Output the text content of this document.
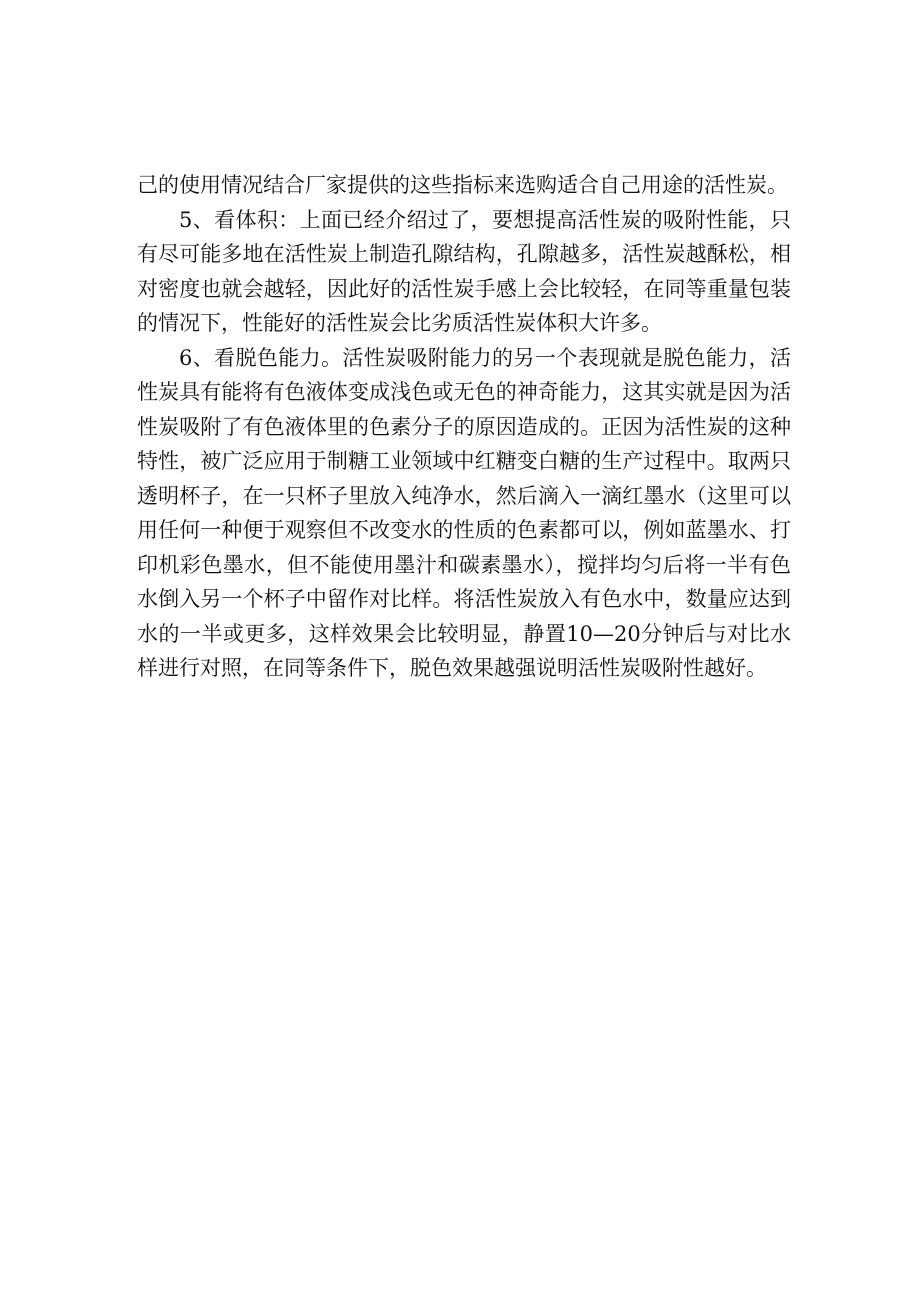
己的使用情况结合厂家提供的这些指标来选购适合自己用途的活性炭。

5、看体积：上面已经介绍过了，要想提高活性炭的吸附性能，只有尽可能多地在活性炭上制造孔隙结构，孔隙越多，活性炭越酥松，相对密度也就会越轻，因此好的活性炭手感上会比较轻，在同等重量包装的情况下，性能好的活性炭会比劣质活性炭体积大许多。

6、看脱色能力。活性炭吸附能力的另一个表现就是脱色能力，活性炭具有能将有色液体变成浅色或无色的神奇能力，这其实就是因为活性炭吸附了有色液体里的色素分子的原因造成的。正因为活性炭的这种特性，被广泛应用于制糖工业领域中红糖变白糖的生产过程中。取两只透明杯子，在一只杯子里放入纯净水，然后滴入一滴红墨水（这里可以用任何一种便于观察但不改变水的性质的色素都可以，例如蓝墨水、打印机彩色墨水，但不能使用墨汁和碳素墨水），搅拌均匀后将一半有色水倒入另一个杯子中留作对比样。将活性炭放入有色水中，数量应达到水的一半或更多，这样效果会比较明显，静置10—20分钟后与对比水样进行对照，在同等条件下，脱色效果越强说明活性炭吸附性越好。
